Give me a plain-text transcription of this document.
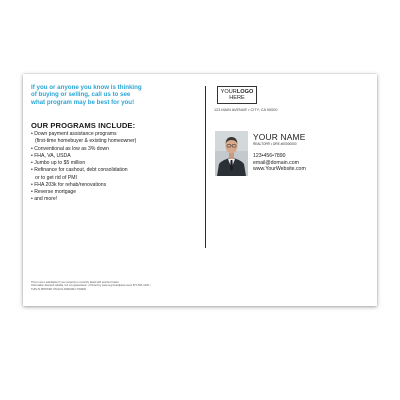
If you or anyone you know is thinking
of buying or selling, call us to see
what program may be best for you!

OUR PROGRAMS INCLUDE:
• Down payment assistance programs
(first-time homebuyer & existing homeowner)
• Conventional as low as 3% down
• FHA, VA, USDA
• Jumbo up to $5 million
• Refinance for cashout, debt consolidation
or to get rid of PMI
• FHA 203k for rehab/renovations
• Reverse mortgage
• and more!
This is not a solicitation if your property is currently listed with another broker.
Information deemed reliable, but not guaranteed. • Printed by www.myprintedpiece.store 877-551-1226 •
THIS IS PRINTED ON ECO-FRIENDLY PAPER.
YOURLOGO
HERE
123 MAIN AVENUE • CITY, CA 90000
YOUR NAME
REALTOR® • DRE #00000000
123•456•7890
email@domain.com
www.YourWebsite.com
